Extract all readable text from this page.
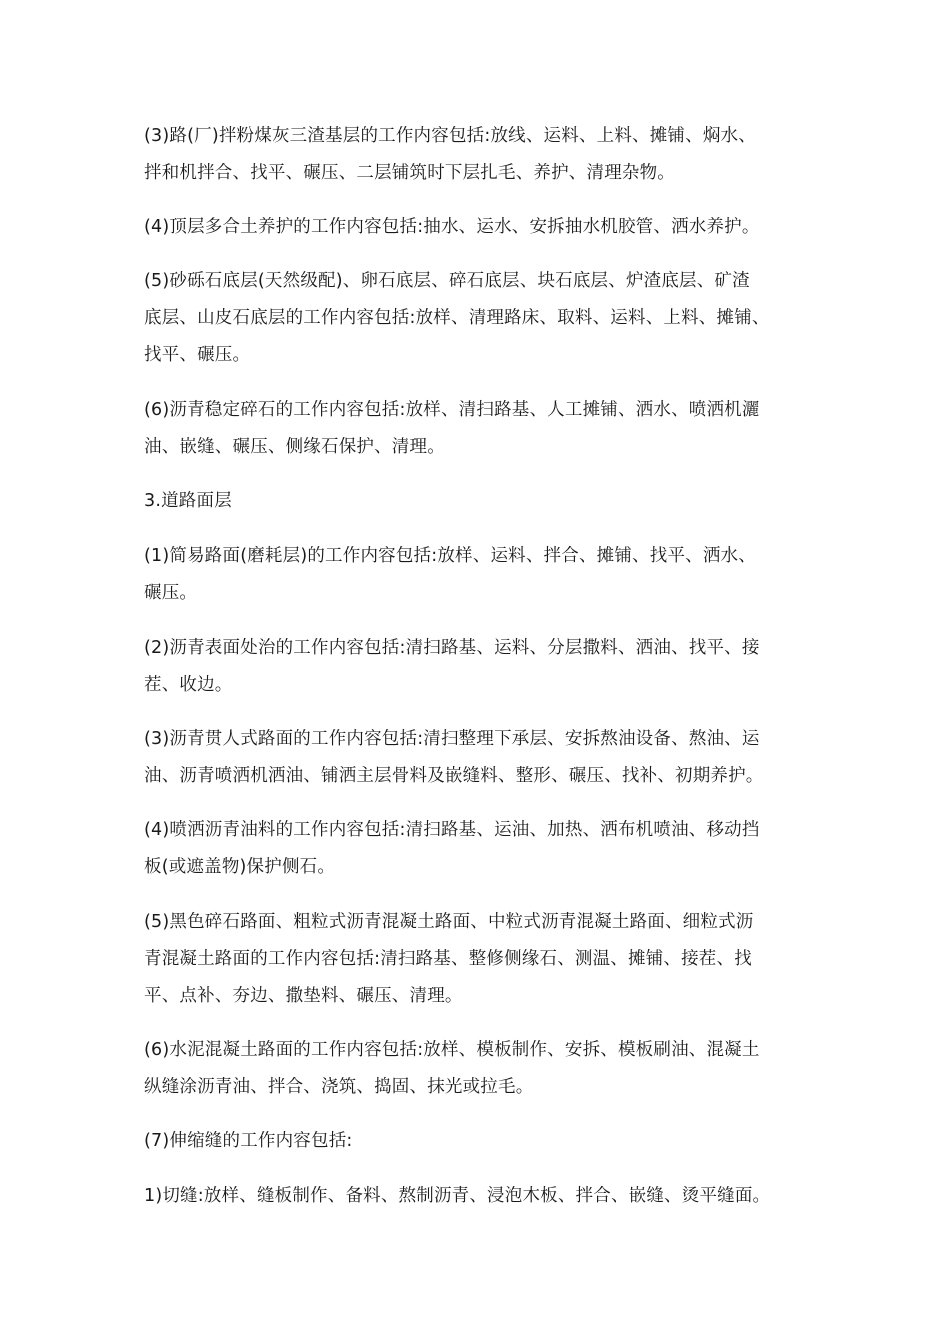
(3)路(厂)拌粉煤灰三渣基层的工作内容包括:放线、运料、上料、摊铺、焖水、
拌和机拌合、找平、碾压、二层铺筑时下层扎毛、养护、清理杂物。

(4)顶层多合土养护的工作内容包括:抽水、运水、安拆抽水机胶管、洒水养护。

(5)砂砾石底层(天然级配)、卵石底层、碎石底层、块石底层、炉渣底层、矿渣
底层、山皮石底层的工作内容包括:放样、清理路床、取料、运料、上料、摊铺、
找平、碾压。

(6)沥青稳定碎石的工作内容包括:放样、清扫路基、人工摊铺、洒水、喷洒机灑
油、嵌缝、碾压、侧缘石保护、清理。

3.道路面层

(1)简易路面(磨耗层)的工作内容包括:放样、运料、拌合、摊铺、找平、洒水、
碾压。

(2)沥青表面处治的工作内容包括:清扫路基、运料、分层撒料、洒油、找平、接
茬、收边。

(3)沥青贯人式路面的工作内容包括:清扫整理下承层、安拆熬油设备、熬油、运
油、沥青喷洒机洒油、铺洒主层骨料及嵌缝料、整形、碾压、找补、初期养护。

(4)喷洒沥青油料的工作内容包括:清扫路基、运油、加热、洒布机喷油、移动挡
板(或遮盖物)保护侧石。

(5)黑色碎石路面、粗粒式沥青混凝土路面、中粒式沥青混凝土路面、细粒式沥
青混凝土路面的工作内容包括:清扫路基、整修侧缘石、测温、摊铺、接茬、找
平、点补、夯边、撒垫料、碾压、清理。

(6)水泥混凝土路面的工作内容包括:放样、模板制作、安拆、模板刷油、混凝土
纵缝涂沥青油、拌合、浇筑、捣固、抹光或拉毛。

(7)伸缩缝的工作内容包括:

1)切缝:放样、缝板制作、备料、熬制沥青、浸泡木板、拌合、嵌缝、烫平缝面。
